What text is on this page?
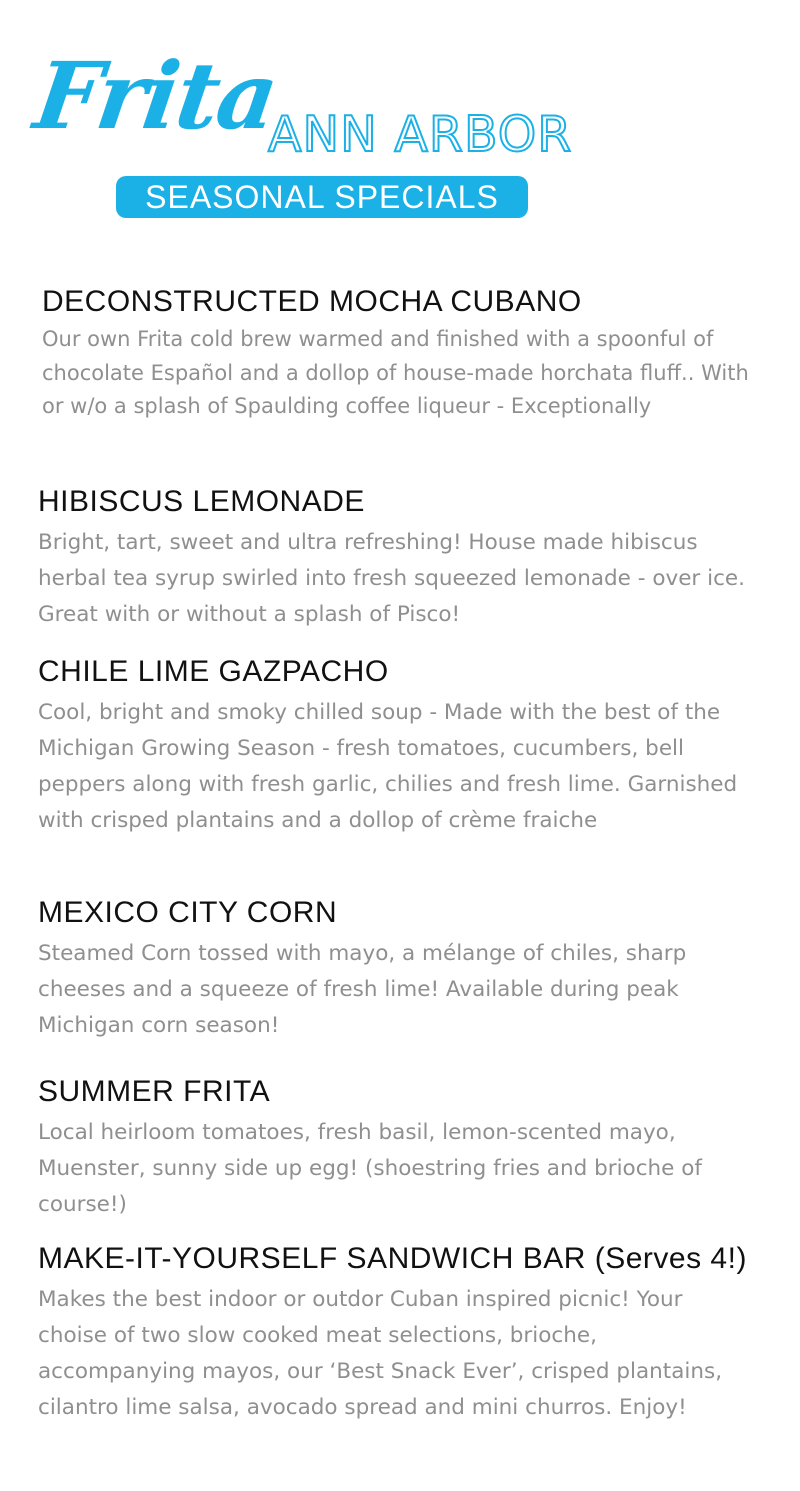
Frita
ANN ARBOR
SEASONAL SPECIALS
DECONSTRUCTED MOCHA CUBANO
Our own Frita cold brew warmed and finished with a spoonful of chocolate Español and a dollop of house-made horchata fluff.. With or w/o a splash of Spaulding coffee liqueur - Exceptionally
HIBISCUS LEMONADE
Bright, tart, sweet and ultra refreshing! House made hibiscus herbal tea syrup swirled into fresh squeezed lemonade - over ice. Great with or without a splash of Pisco!
CHILE LIME GAZPACHO
Cool, bright and smoky chilled soup - Made with the best of the Michigan Growing Season - fresh tomatoes, cucumbers, bell peppers along with fresh garlic, chilies and fresh lime. Garnished with crisped plantains and a dollop of crème fraiche
MEXICO CITY CORN
Steamed Corn tossed with mayo, a mélange of chiles, sharp cheeses and a squeeze of fresh lime! Available during peak Michigan corn season!
SUMMER FRITA
Local heirloom tomatoes, fresh basil, lemon-scented mayo, Muenster, sunny side up egg! (shoestring fries and brioche of course!)
MAKE-IT-YOURSELF SANDWICH BAR (Serves 4!)
Makes the best indoor or outdor Cuban inspired picnic! Your choise of two slow cooked meat selections, brioche, accompanying mayos, our ‘Best Snack Ever’, crisped plantains, cilantro lime salsa, avocado spread and mini churros. Enjoy!
